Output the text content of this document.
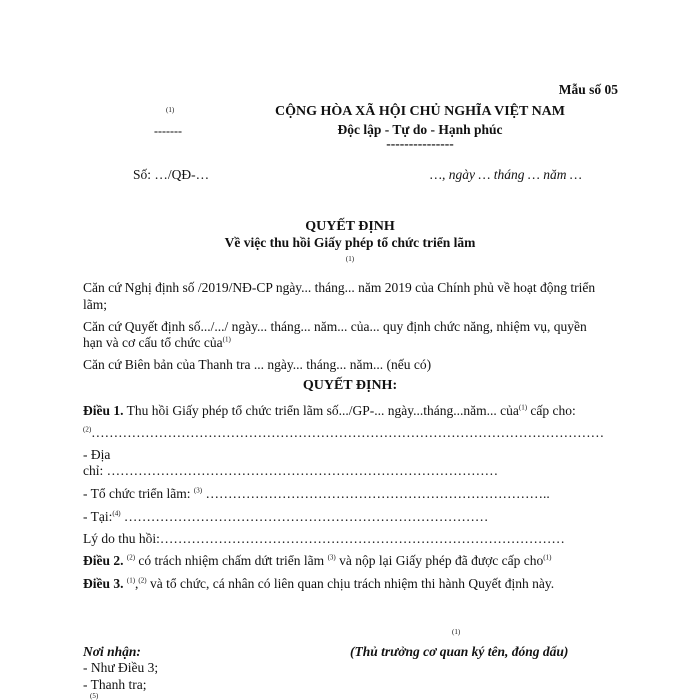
Mẫu số 05
(1)
-------
CỘNG HÒA XÃ HỘI CHỦ NGHĨA VIỆT NAM
Độc lập - Tự do - Hạnh phúc
---------------
Số: …/QĐ-…	…, ngày … tháng … năm …
QUYẾT ĐỊNH
Về việc thu hồi Giấy phép tổ chức triển lãm
(1)
Căn cứ Nghị định số /2019/NĐ-CP ngày... tháng... năm 2019 của Chính phủ về hoạt động triển
lãm;
Căn cứ Quyết định số.../.../ ngày... tháng... năm... của... quy định chức năng, nhiệm vụ, quyền
hạn và cơ cấu tổ chức của$^{(1)}$
Căn cứ Biên bản của Thanh tra ... ngày... tháng... năm... (nếu có)
QUYẾT ĐỊNH:
Điều 1. Thu hồi Giấy phép tổ chức triển lãm số.../GP-... ngày...tháng...năm... của$^{(1)}$ cấp cho:
$^{(2)}$……………………………………………………………………………………………………
- Địa
chỉ: ……………………………………………………………………………
- Tổ chức triển lãm: $^{(3)}$ …………………………………………………………………..
- Tại:$^{(4)}$ ………………………………………………………………………
Lý do thu hồi:………………………………………………………………………………
Điều 2. $^{(2)}$ có trách nhiệm chấm dứt triển lãm $^{(3)}$ và nộp lại Giấy phép đã được cấp cho$^{(1)}$
Điều 3. $^{(1)}$,$^{(2)}$ và tổ chức, cá nhân có liên quan chịu trách nhiệm thi hành Quyết định này.
(1)
(Thủ trưởng cơ quan ký tên, đóng dấu)
Nơi nhận:
- Như Điều 3;
- Thanh tra;
(5)
